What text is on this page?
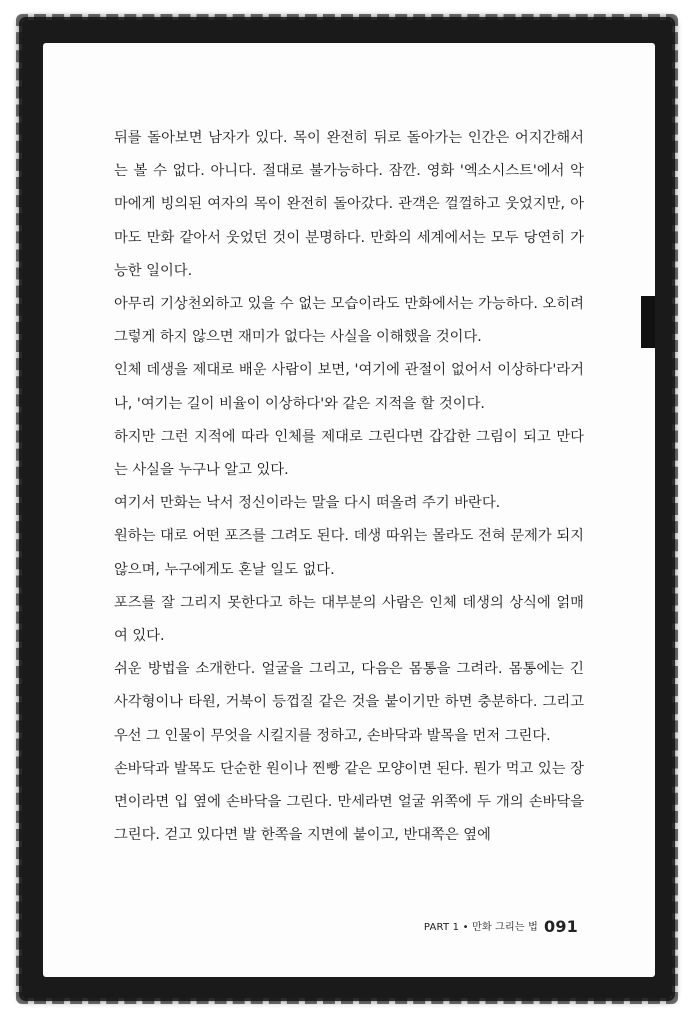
뒤를 돌아보면 남자가 있다. 목이 완전히 뒤로 돌아가는 인간은 어지간해서는 볼 수 없다. 아니다. 절대로 불가능하다. 잠깐. 영화 '엑소시스트'에서 악마에게 빙의된 여자의 목이 완전히 돌아갔다. 관객은 껄껄하고 웃었지만, 아마도 만화 같아서 웃었던 것이 분명하다. 만화의 세계에서는 모두 당연히 가능한 일이다.

아무리 기상천외하고 있을 수 없는 모습이라도 만화에서는 가능하다. 오히려 그렇게 하지 않으면 재미가 없다는 사실을 이해했을 것이다.

인체 데생을 제대로 배운 사람이 보면, '여기에 관절이 없어서 이상하다'라거나, '여기는 길이 비율이 이상하다'와 같은 지적을 할 것이다.

하지만 그런 지적에 따라 인체를 제대로 그린다면 갑갑한 그림이 되고 만다는 사실을 누구나 알고 있다.

여기서 만화는 낙서 정신이라는 말을 다시 떠올려 주기 바란다.

원하는 대로 어떤 포즈를 그려도 된다. 데생 따위는 몰라도 전혀 문제가 되지 않으며, 누구에게도 혼날 일도 없다.

포즈를 잘 그리지 못한다고 하는 대부분의 사람은 인체 데생의 상식에 얽매여 있다.

쉬운 방법을 소개한다. 얼굴을 그리고, 다음은 몸통을 그려라. 몸통에는 긴 사각형이나 타원, 거북이 등껍질 같은 것을 붙이기만 하면 충분하다. 그리고 우선 그 인물이 무엇을 시킬지를 정하고, 손바닥과 발목을 먼저 그린다.

손바닥과 발목도 단순한 원이나 찐빵 같은 모양이면 된다. 뭔가 먹고 있는 장면이라면 입 옆에 손바닥을 그린다. 만세라면 얼굴 위쪽에 두 개의 손바닥을 그린다. 걷고 있다면 발 한쪽을 지면에 붙이고, 반대쪽은 옆에

PART 1 • 만화 그리는 법 091
